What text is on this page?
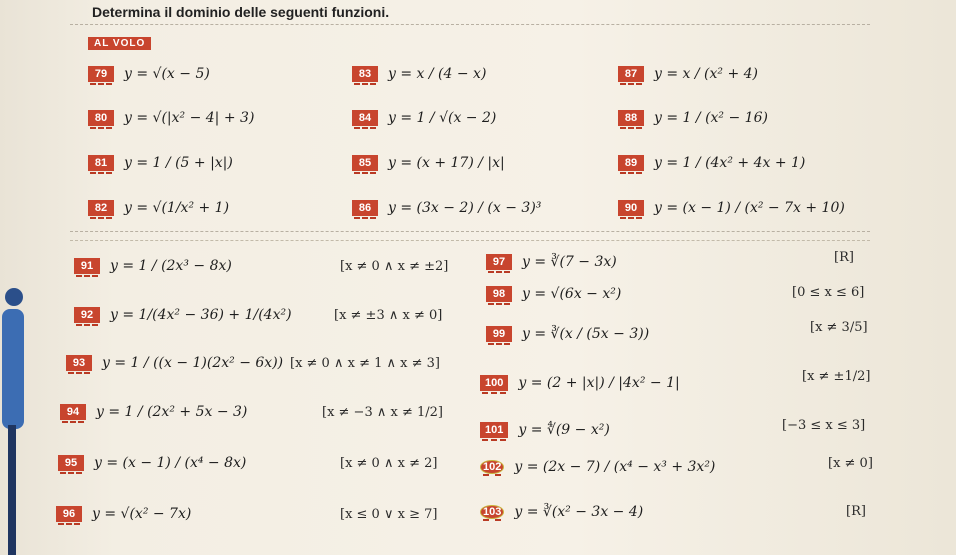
Determina il dominio delle seguenti funzioni.
AL VOLO
79	y = √(x − 5)
80	y = √(|x² − 4| + 3)
81	y = 1 / (5 + |x|)
82	y = √(1/x² + 1)
83	y = x / (4 − x)
84	y = 1 / √(x − 2)
85	y = (x + 17) / |x|
86	y = (3x − 2) / (x − 3)³
87	y = x / (x² + 4)
88	y = 1 / (x² − 16)
89	y = 1 / (4x² + 4x + 1)
90	y = (x − 1) / (x² − 7x + 10)
91	y = 1 / (2x³ − 8x)	[x ≠ 0 ∧ x ≠ ±2]
92	y = 1/(4x² − 36) + 1/(4x²)	[x ≠ ±3 ∧ x ≠ 0]
93	y = 1 / ((x − 1)(2x² − 6x)) [x ≠ 0 ∧ x ≠ 1 ∧ x ≠ 3]
94	y = 1 / (2x² + 5x − 3)	[x ≠ −3 ∧ x ≠ 1/2]
95	y = (x − 1) / (x⁴ − 8x)	[x ≠ 0 ∧ x ≠ 2]
96	y = √(x² − 7x)	[x ≤ 0 ∨ x ≥ 7]
97	y = ∛(7 − 3x)	[R]
98	y = √(6x − x²)	[0 ≤ x ≤ 6]
99	y = ∛(x / (5x − 3))	[x ≠ 3/5]
100	y = (2 + |x|) / |4x² − 1|	[x ≠ ±1/2]
101	y = ∜(9 − x²)	[−3 ≤ x ≤ 3]
102 y = (2x − 7) / (x⁴ − x³ + 3x²)	[x ≠ 0]
103 y = ∛(x² − 3x − 4)	[R]
